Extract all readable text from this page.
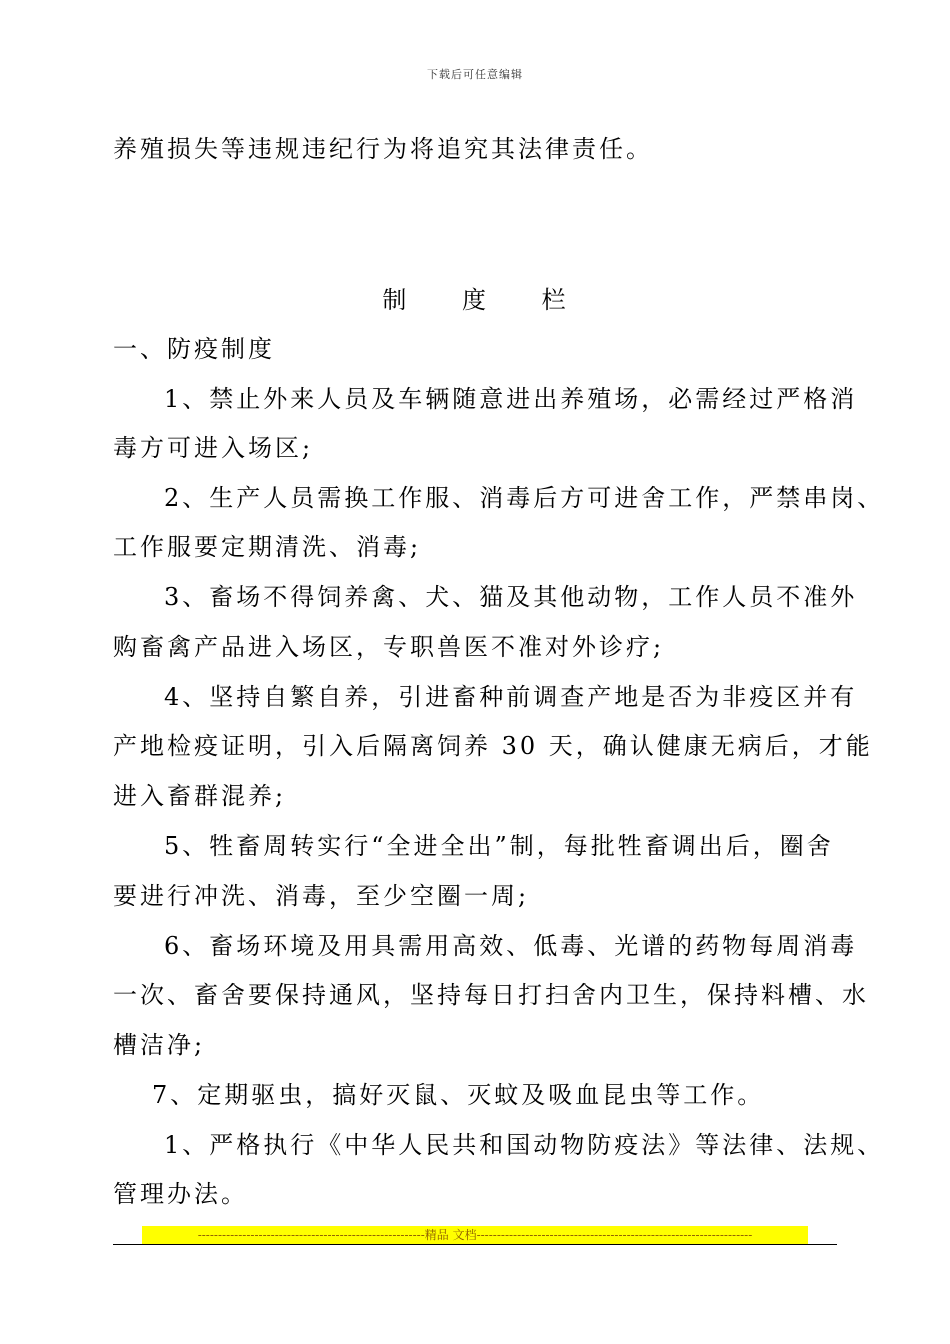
下载后可任意编辑
养殖损失等违规违纪行为将追究其法律责任。
制 度 栏
一、防疫制度
1、禁止外来人员及车辆随意进出养殖场，必需经过严格消
毒方可进入场区;
2、生产人员需换工作服、消毒后方可进舍工作，严禁串岗、
工作服要定期清洗、消毒;
3、畜场不得饲养禽、犬、猫及其他动物，工作人员不准外
购畜禽产品进入场区，专职兽医不准对外诊疗;
4、坚持自繁自养，引进畜种前调查产地是否为非疫区并有
产地检疫证明，引入后隔离饲养 30 天，确认健康无病后，才能
进入畜群混养;
5、牲畜周转实行“全进全出”制，每批牲畜调出后，圈舍
要进行冲洗、消毒，至少空圈一周;
6、畜场环境及用具需用高效、低毒、光谱的药物每周消毒
一次、畜舍要保持通风，坚持每日打扫舍内卫生，保持料槽、水
槽洁净;
7、定期驱虫，搞好灭鼠、灭蚊及吸血昆虫等工作。
1、严格执行《中华人民共和国动物防疫法》等法律、法规、
管理办法。
--------------------------------------------------------精品 文档--------------------------------------------------------------------
